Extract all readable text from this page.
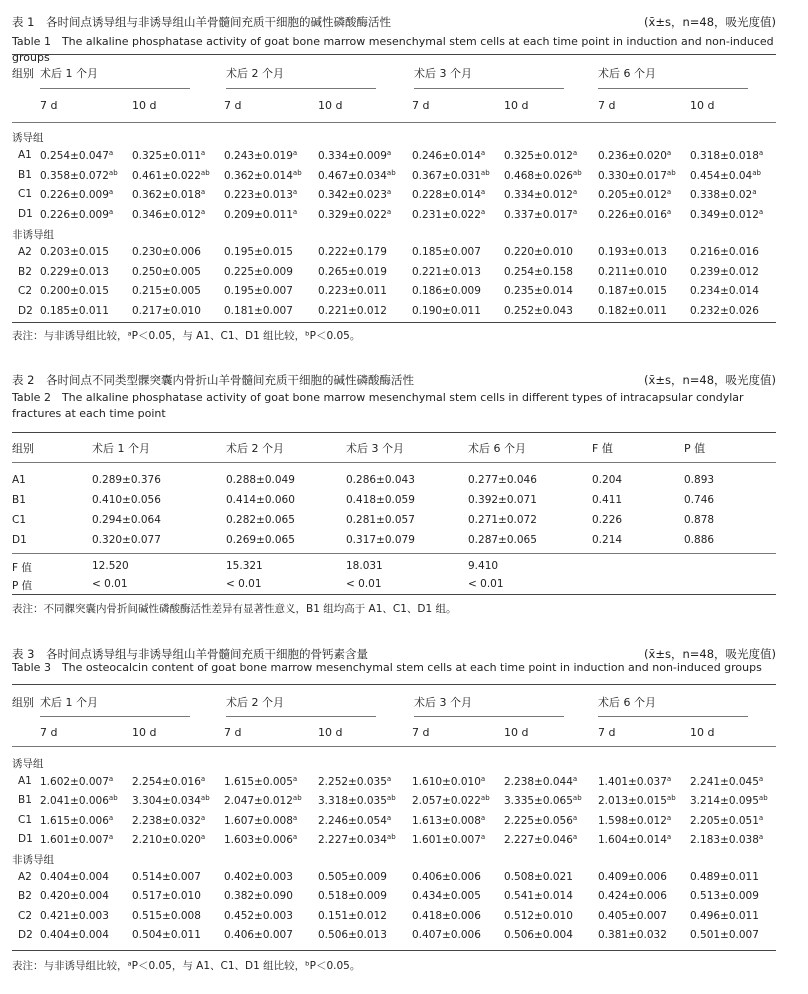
表 1　各时间点诱导组与非诱导组山羊骨髓间充质干细胞的碱性磷酸酶活性	(x̄±s，n=48，吸光度值)
Table 1　The alkaline phosphatase activity of goat bone marrow mesenchymal stem cells at each time point in induction and non-induced groups
组别 术后 1 个月	术后 2 个月	术后 3 个月	术后 6 个月
7 d	10 d	7 d	10 d	7 d	10 d	7 d	10 d
诱导组
A1 0.254±0.047$^a$ 0.325±0.011$^a$ 0.243±0.019$^a$ 0.334±0.009$^a$ 0.246±0.014$^a$ 0.325±0.012$^a$ 0.236±0.020$^a$ 0.318±0.018$^a$
B1 0.358±0.072$^{ab}$ 0.461±0.022$^{ab}$ 0.362±0.014$^{ab}$ 0.467±0.034$^{ab}$ 0.367±0.031$^{ab}$ 0.468±0.026$^{ab}$ 0.330±0.017$^{ab}$ 0.454±0.04$^{ab}$
C1 0.226±0.009$^a$ 0.362±0.018$^a$ 0.223±0.013$^a$ 0.342±0.023$^a$ 0.228±0.014$^a$ 0.334±0.012$^a$ 0.205±0.012$^a$ 0.338±0.02$^a$
D1 0.226±0.009$^a$ 0.346±0.012$^a$ 0.209±0.011$^a$ 0.329±0.022$^a$ 0.231±0.022$^a$ 0.337±0.017$^a$ 0.226±0.016$^a$ 0.349±0.012$^a$
非诱导组
A2 0.203±0.015 0.230±0.006 0.195±0.015 0.222±0.179 0.185±0.007 0.220±0.010 0.193±0.013 0.216±0.016
B2 0.229±0.013 0.250±0.005 0.225±0.009 0.265±0.019 0.221±0.013 0.254±0.158 0.211±0.010 0.239±0.012
C2 0.200±0.015 0.215±0.005 0.195±0.007 0.223±0.011 0.186±0.009 0.235±0.014 0.187±0.015 0.234±0.014
D2 0.185±0.011 0.217±0.010 0.181±0.007 0.221±0.012 0.190±0.011 0.252±0.043 0.182±0.011 0.232±0.026
表注：与非诱导组比较，ᵃP＜0.05，与 A1、C1、D1 组比较，ᵇP＜0.05。
表 2　各时间点不同类型髁突囊内骨折山羊骨髓间充质干细胞的碱性磷酸酶活性	(x̄±s，n=48，吸光度值)
Table 2　The alkaline phosphatase activity of goat bone marrow mesenchymal stem cells in different types of intracapsular condylar fractures at each time point
组别	术后 1 个月	术后 2 个月	术后 3 个月	术后 6 个月	F 值	P 值
A1	0.289±0.376	0.288±0.049	0.286±0.043	0.277±0.046	0.204	0.893
B1	0.410±0.056	0.414±0.060	0.418±0.059	0.392±0.071	0.411	0.746
C1	0.294±0.064	0.282±0.065	0.281±0.057	0.271±0.072	0.226	0.878
D1	0.320±0.077	0.269±0.065	0.317±0.079	0.287±0.065	0.214	0.886
F 值	12.520	15.321	18.031	9.410
P 值	< 0.01	< 0.01	< 0.01	< 0.01
表注：不同髁突囊内骨折间碱性磷酸酶活性差异有显著性意义，B1 组均高于 A1、C1、D1 组。
表 3　各时间点诱导组与非诱导组山羊骨髓间充质干细胞的骨钙素含量	(x̄±s，n=48，吸光度值)
Table 3　The osteocalcin content of goat bone marrow mesenchymal stem cells at each time point in induction and non-induced groups
组别 术后 1 个月	术后 2 个月	术后 3 个月	术后 6 个月
7 d	10 d	7 d	10 d	7 d	10 d	7 d	10 d
诱导组
A1 1.602±0.007$^a$ 2.254±0.016$^a$ 1.615±0.005$^a$ 2.252±0.035$^a$ 1.610±0.010$^a$ 2.238±0.044$^a$ 1.401±0.037$^a$ 2.241±0.045$^a$
B1 2.041±0.006$^{ab}$ 3.304±0.034$^{ab}$ 2.047±0.012$^{ab}$ 3.318±0.035$^{ab}$ 2.057±0.022$^{ab}$ 3.335±0.065$^{ab}$ 2.013±0.015$^{ab}$ 3.214±0.095$^{ab}$
C1 1.615±0.006$^a$ 2.238±0.032$^a$ 1.607±0.008$^a$ 2.246±0.054$^a$ 1.613±0.008$^a$ 2.225±0.056$^a$ 1.598±0.012$^a$ 2.205±0.051$^a$
D1 1.601±0.007$^a$ 2.210±0.020$^a$ 1.603±0.006$^a$ 2.227±0.034$^{ab}$ 1.601±0.007$^a$ 2.227±0.046$^a$ 1.604±0.014$^a$ 2.183±0.038$^a$
非诱导组
A2 0.404±0.004 0.514±0.007 0.402±0.003 0.505±0.009 0.406±0.006 0.508±0.021 0.409±0.006 0.489±0.011
B2 0.420±0.004 0.517±0.010 0.382±0.090 0.518±0.009 0.434±0.005 0.541±0.014 0.424±0.006 0.513±0.009
C2 0.421±0.003 0.515±0.008 0.452±0.003 0.151±0.012 0.418±0.006 0.512±0.010 0.405±0.007 0.496±0.011
D2 0.404±0.004 0.504±0.011 0.406±0.007 0.506±0.013 0.407±0.006 0.506±0.004 0.381±0.032 0.501±0.007
表注：与非诱导组比较，ᵃP＜0.05，与 A1、C1、D1 组比较，ᵇP＜0.05。
